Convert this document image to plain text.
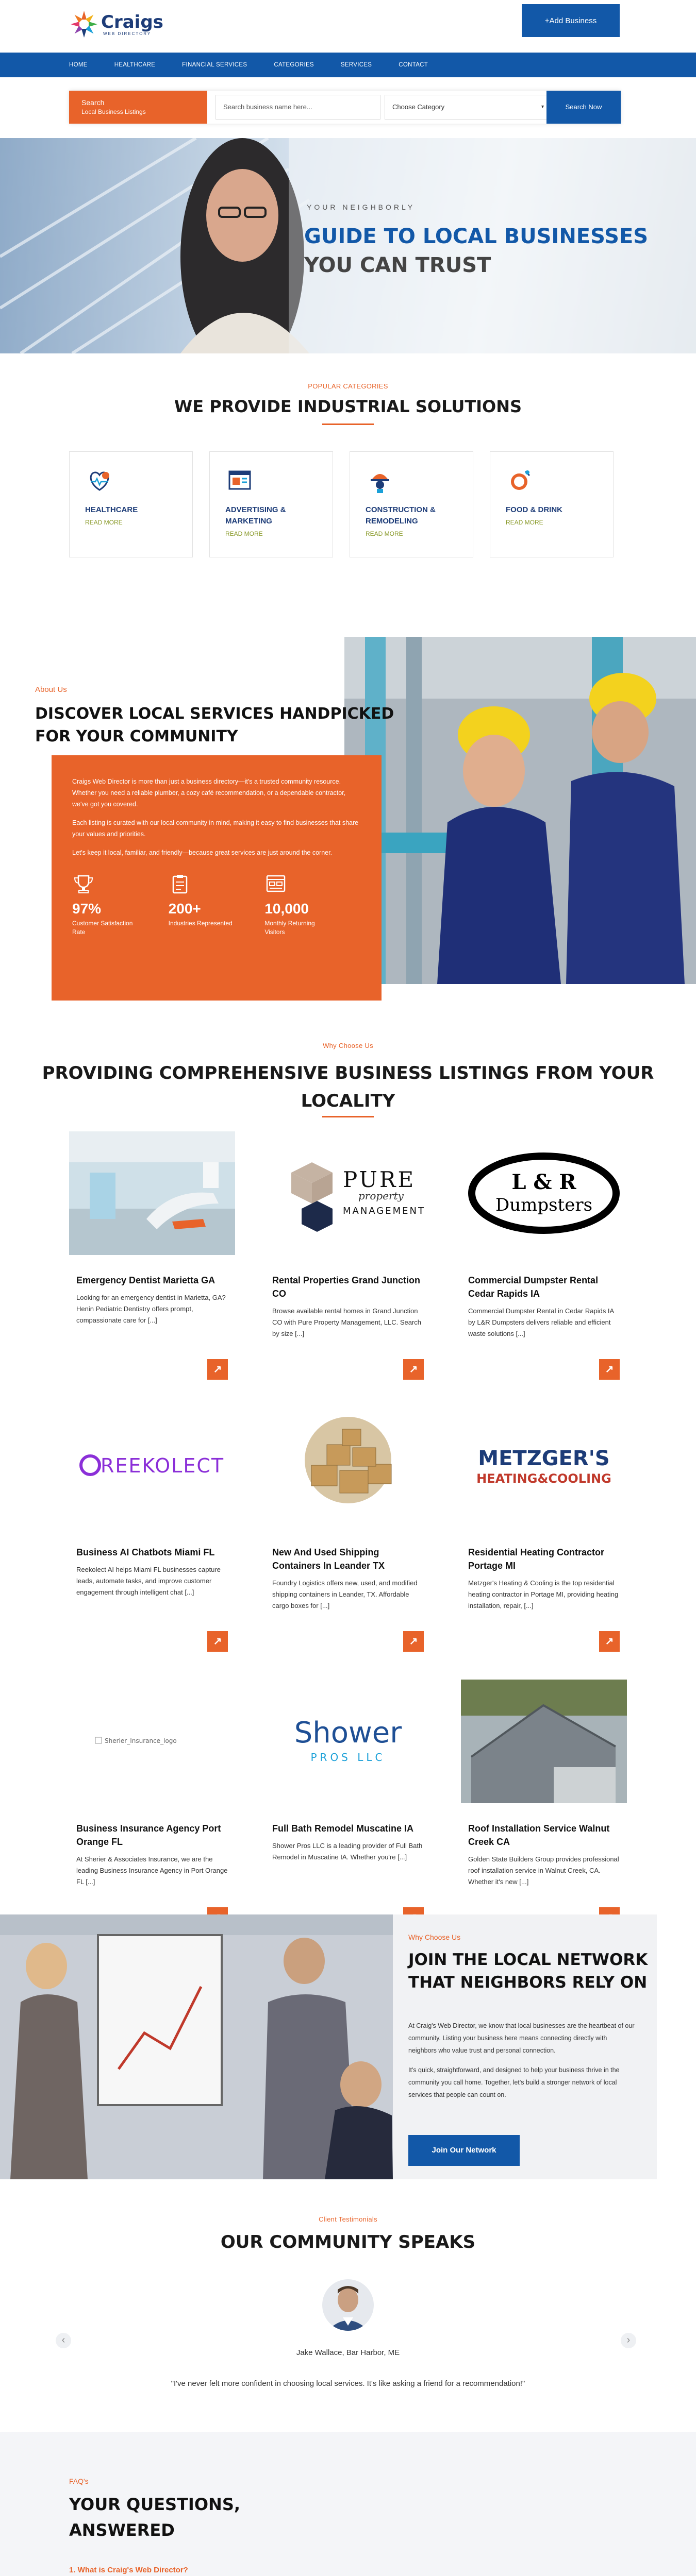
Craigs
WEB DIRECTORY
+Add Business
HOME	HEALTHCARE	FINANCIAL SERVICES	CATEGORIES	SERVICES	CONTACT
Search
Local Business Listings
Search business name here...	Choose Category	▾	Search Now
YOUR NEIGHBORLY
GUIDE TO LOCAL BUSINESSES
YOU CAN TRUST
POPULAR CATEGORIES
WE PROVIDE INDUSTRIAL SOLUTIONS
HEALTHCARE
READ MORE
ADVERTISING & MARKETING
READ MORE
CONSTRUCTION & REMODELING
READ MORE
FOOD & DRINK
READ MORE
About Us
DISCOVER LOCAL SERVICES HANDPICKED
FOR YOUR COMMUNITY
Craigs Web Director is more than just a business directory—it's a trusted community resource. Whether you need a reliable plumber, a cozy café recommendation, or a dependable contractor, we've got you covered.
Each listing is curated with our local community in mind, making it easy to find businesses that share your values and priorities.
Let's keep it local, familiar, and friendly—because great services are just around the corner.
97%
Customer Satisfaction Rate
200+
Industries Represented
10,000
Monthly Returning Visitors
Why Choose Us
PROVIDING COMPREHENSIVE BUSINESS LISTINGS FROM YOUR
LOCALITY
Emergency Dentist Marietta GA
Looking for an emergency dentist in Marietta, GA? Henin Pediatric Dentistry offers prompt, compassionate care for [...]
↗
PURE
property
MANAGEMENT
Rental Properties Grand Junction CO
Browse available rental homes in Grand Junction CO with Pure Property Management, LLC. Search by size [...]
↗
L & R
Dumpsters
Commercial Dumpster Rental Cedar Rapids IA
Commercial Dumpster Rental in Cedar Rapids IA by L&R Dumpsters delivers reliable and efficient waste solutions [...]
↗
REEKOLECT
Business AI Chatbots Miami FL
Reekolect AI helps Miami FL businesses capture leads, automate tasks, and improve customer engagement through intelligent chat [...]
↗
New And Used Shipping Containers In Leander TX
Foundry Logistics offers new, used, and modified shipping containers in Leander, TX. Affordable cargo boxes for [...]
↗
METZGER'S
HEATING&COOLING
Residential Heating Contractor Portage MI
Metzger's Heating & Cooling is the top residential heating contractor in Portage MI, providing heating installation, repair, [...]
↗
Sherier_Insurance_logo
Business Insurance Agency Port Orange FL
At Sherier & Associates Insurance, we are the leading Business Insurance Agency in Port Orange FL [...]
Shower
PROS LLC
Full Bath Remodel Muscatine IA
Shower Pros LLC is a leading provider of Full Bath Remodel in Muscatine IA. Whether you're [...]
Roof Installation Service Walnut Creek CA
Golden State Builders Group provides professional roof installation service in Walnut Creek, CA. Whether it's new [...]
Why Choose Us
JOIN THE LOCAL NETWORK
THAT NEIGHBORS RELY ON
At Craig's Web Director, we know that local businesses are the heartbeat of our community. Listing your business here means connecting directly with neighbors who value trust and personal connection.
It's quick, straightforward, and designed to help your business thrive in the community you call home. Together, let's build a stronger network of local services that people can count on.
Join Our Network
Client Testimonials
OUR COMMUNITY SPEAKS
‹	›
Jake Wallace, Bar Harbor, ME
"I've never felt more confident in choosing local services. It's like asking a friend for a recommendation!"
FAQ's
YOUR QUESTIONS,
ANSWERED
1. What is Craig's Web Director?
